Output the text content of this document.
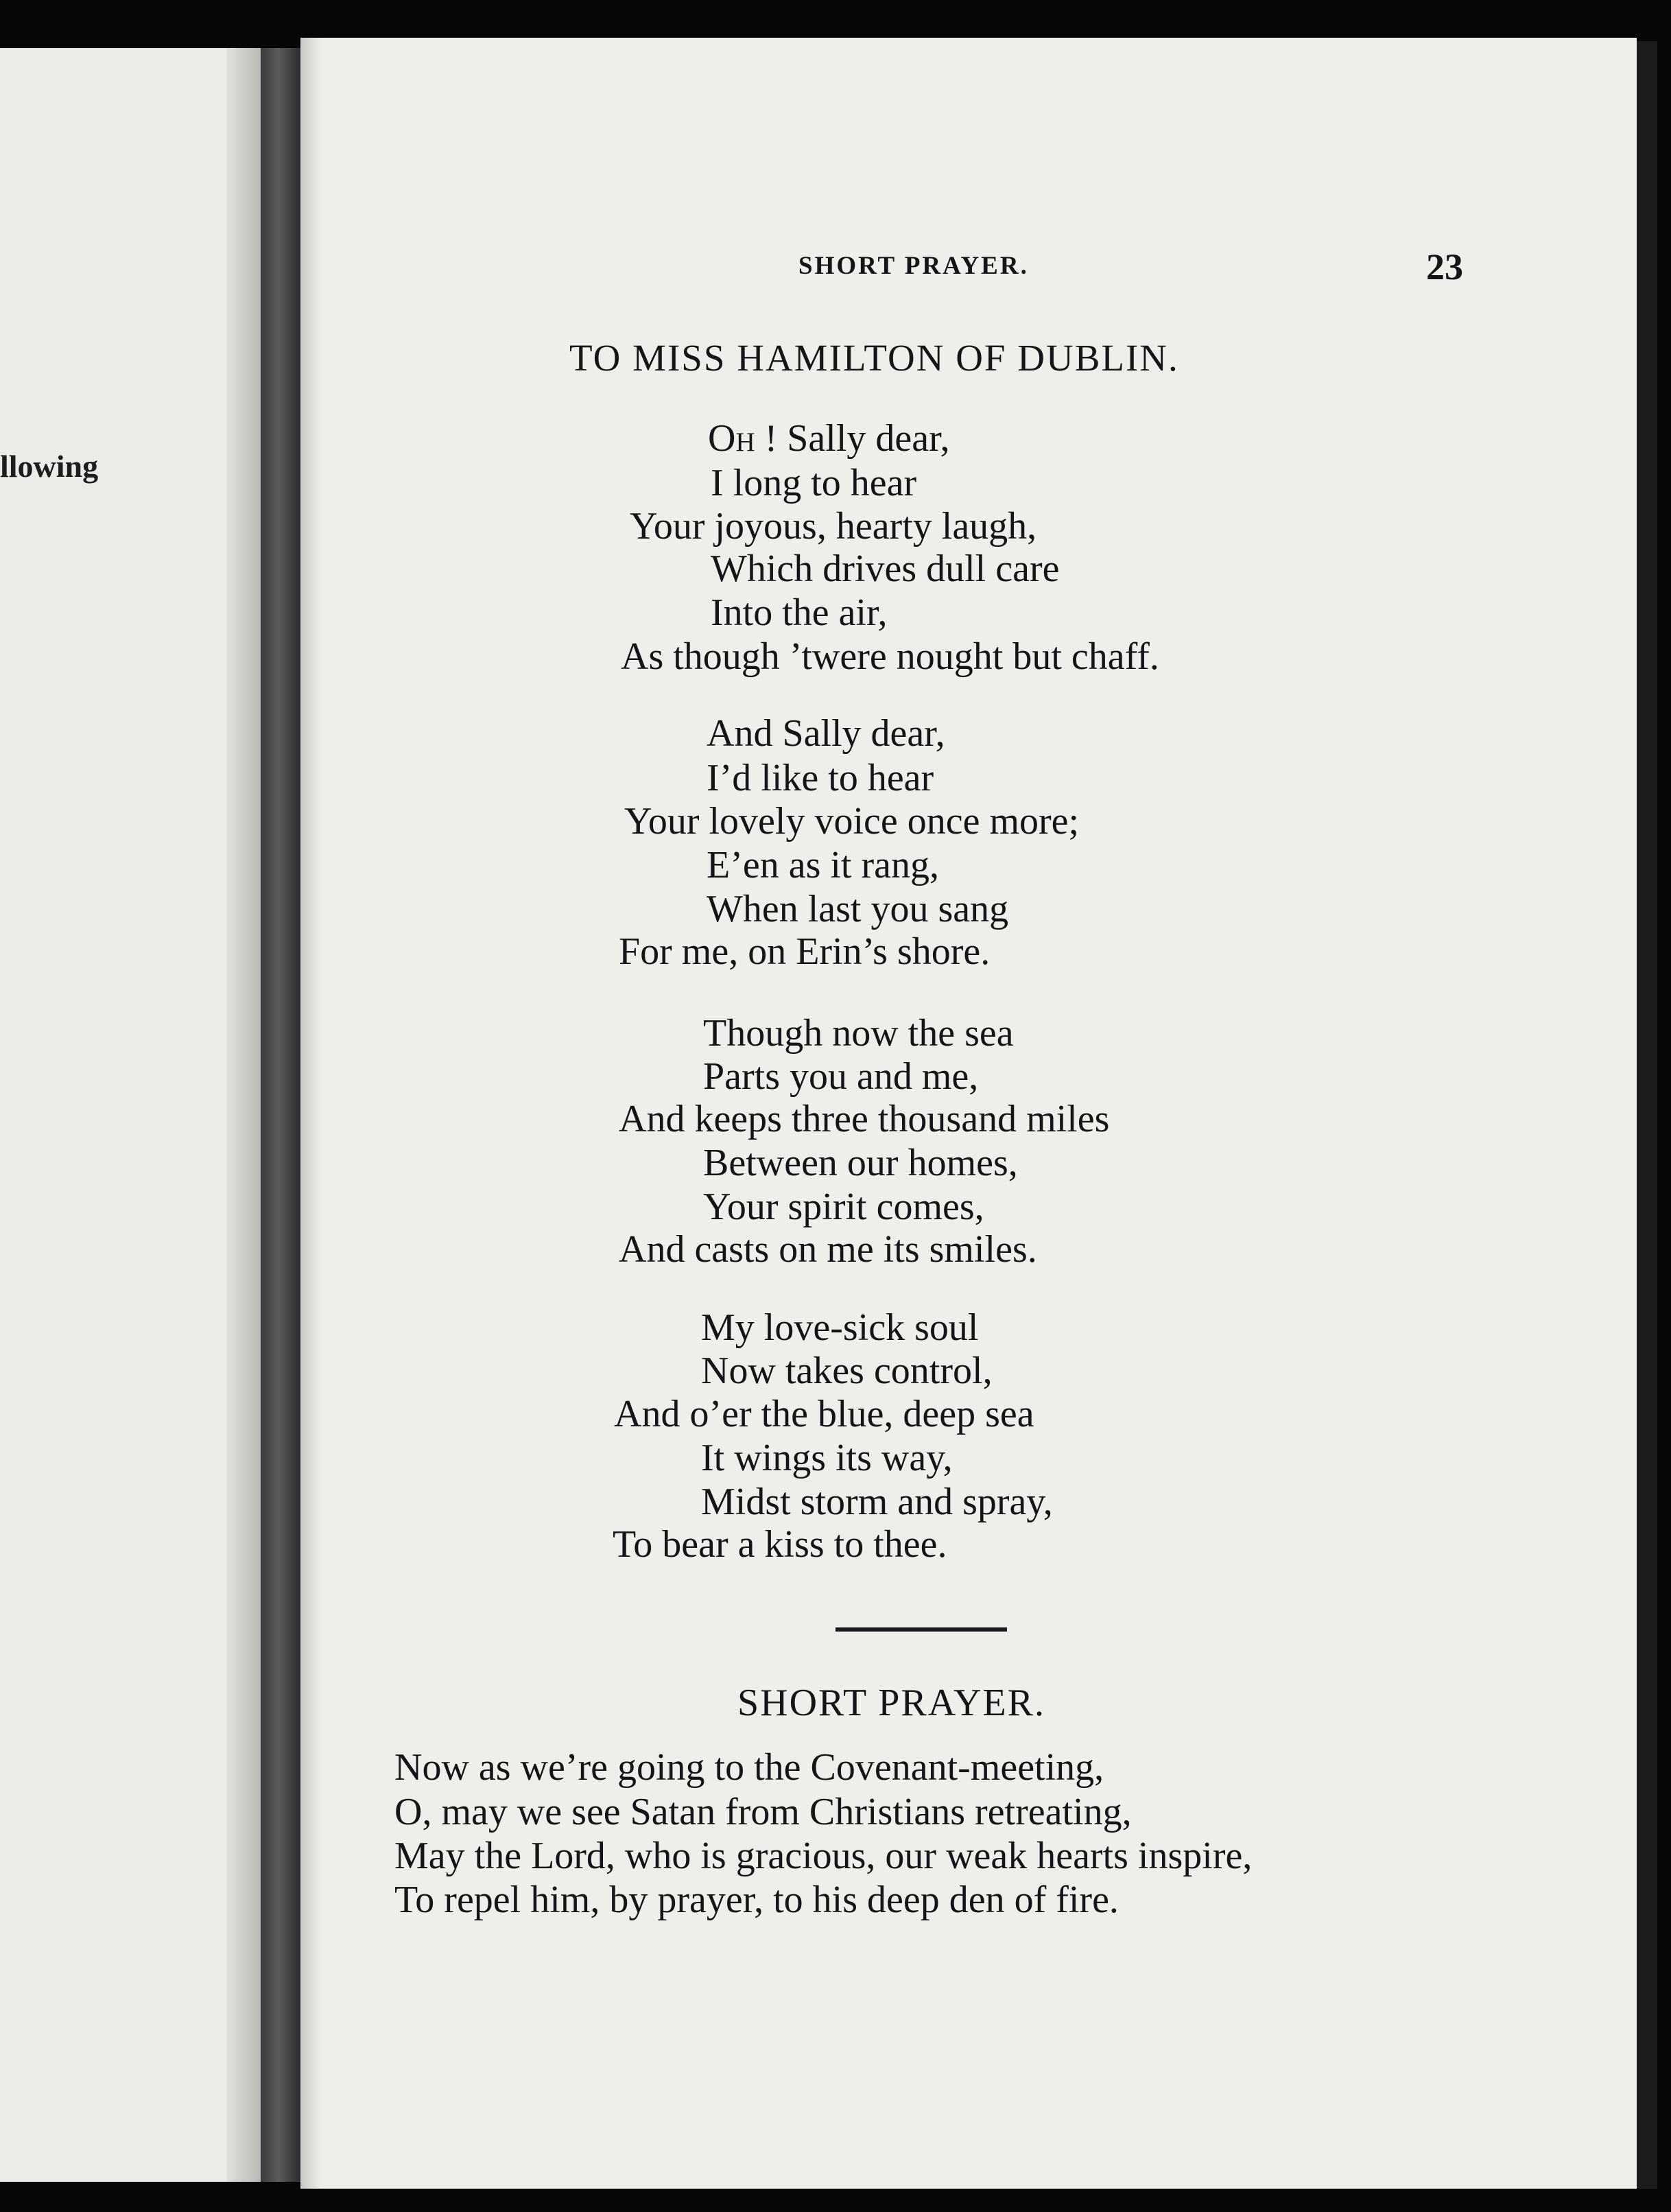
llowing
SHORT PRAYER.	23
TO MISS HAMILTON OF DUBLIN.
Oh ! Sally dear,
I long to hear
Your joyous, hearty laugh,
Which drives dull care
Into the air,
As though ’twere nought but chaff.
And Sally dear,
I’d like to hear
Your lovely voice once more;
E’en as it rang,
When last you sang
For me, on Erin’s shore.
Though now the sea
Parts you and me,
And keeps three thousand miles
Between our homes,
Your spirit comes,
And casts on me its smiles.
My love-sick soul
Now takes control,
And o’er the blue, deep sea
It wings its way,
Midst storm and spray,
To bear a kiss to thee.
SHORT PRAYER.
Now as we’re going to the Covenant-meeting,
O, may we see Satan from Christians retreating,
May the Lord, who is gracious, our weak hearts inspire,
To repel him, by prayer, to his deep den of fire.
